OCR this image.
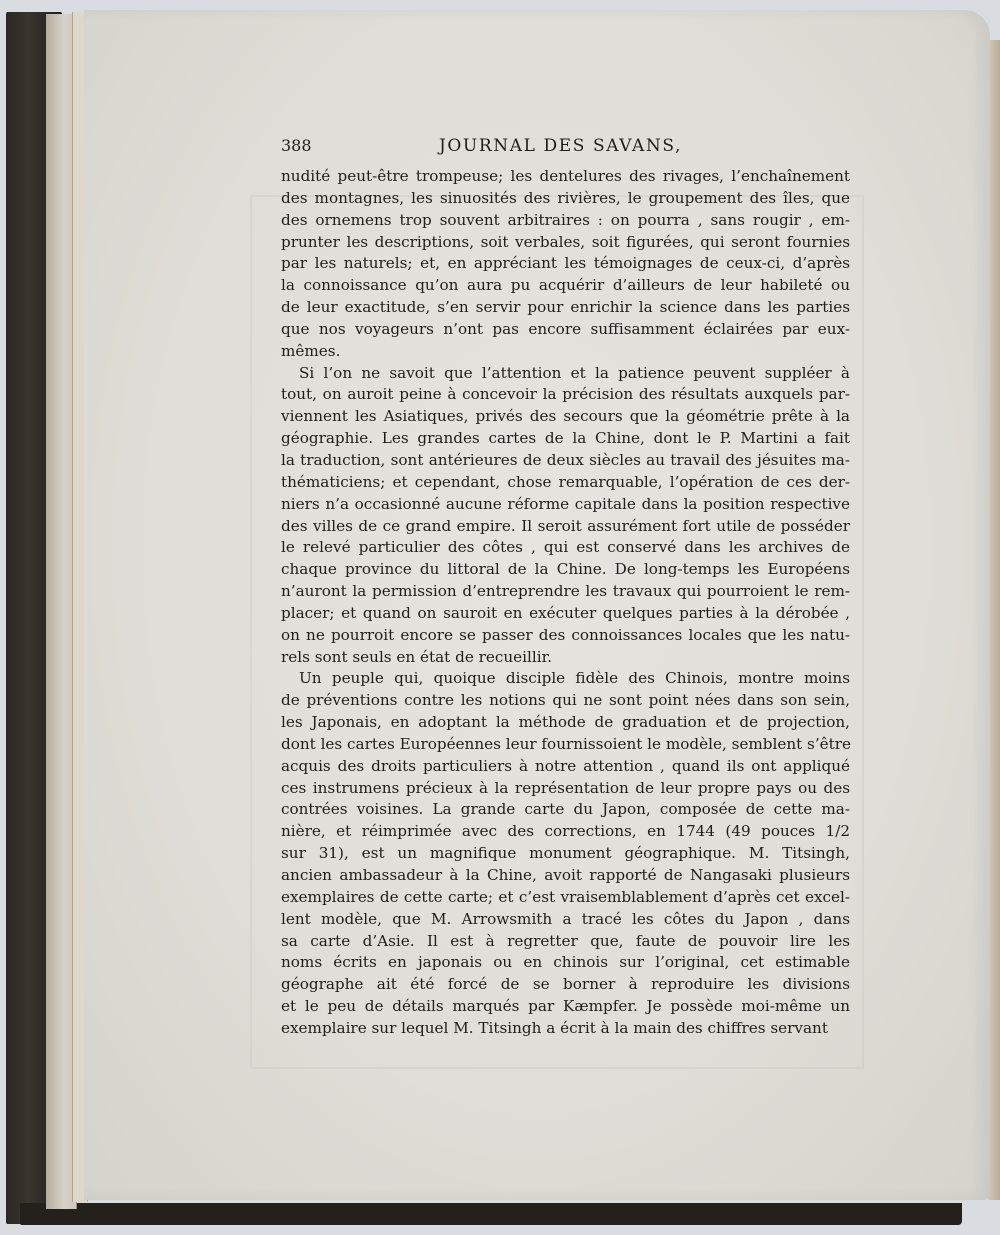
388	JOURNAL DES SAVANS,
nudité peut-être trompeuse; les dentelures des rivages, l’enchaînement
des montagnes, les sinuosités des rivières, le groupement des îles, que
des ornemens trop souvent arbitraires : on pourra , sans rougir , em-
prunter les descriptions, soit verbales, soit figurées, qui seront fournies
par les naturels; et, en appréciant les témoignages de ceux-ci, d’après
la connoissance qu’on aura pu acquérir d’ailleurs de leur habileté ou
de leur exactitude, s’en servir pour enrichir la science dans les parties
que nos voyageurs n’ont pas encore suffisamment éclairées par eux-
mêmes.
Si l’on ne savoit que l’attention et la patience peuvent suppléer à
tout, on auroit peine à concevoir la précision des résultats auxquels par-
viennent les Asiatiques, privés des secours que la géométrie prête à la
géographie. Les grandes cartes de la Chine, dont le P. Martini a fait
la traduction, sont antérieures de deux siècles au travail des jésuites ma-
thématiciens; et cependant, chose remarquable, l’opération de ces der-
niers n’a occasionné aucune réforme capitale dans la position respective
des villes de ce grand empire. Il seroit assurément fort utile de posséder
le relevé particulier des côtes , qui est conservé dans les archives de
chaque province du littoral de la Chine. De long-temps les Européens
n’auront la permission d’entreprendre les travaux qui pourroient le rem-
placer; et quand on sauroit en exécuter quelques parties à la dérobée ,
on ne pourroit encore se passer des connoissances locales que les natu-
rels sont seuls en état de recueillir.
Un peuple qui, quoique disciple fidèle des Chinois, montre moins
de préventions contre les notions qui ne sont point nées dans son sein,
les Japonais, en adoptant la méthode de graduation et de projection,
dont les cartes Européennes leur fournissoient le modèle, semblent s’être
acquis des droits particuliers à notre attention , quand ils ont appliqué
ces instrumens précieux à la représentation de leur propre pays ou des
contrées voisines. La grande carte du Japon, composée de cette ma-
nière, et réimprimée avec des corrections, en 1744 (49 pouces 1/2
sur 31), est un magnifique monument géographique. M. Titsingh,
ancien ambassadeur à la Chine, avoit rapporté de Nangasaki plusieurs
exemplaires de cette carte; et c’est vraisemblablement d’après cet excel-
lent modèle, que M. Arrowsmith a tracé les côtes du Japon , dans
sa carte d’Asie. Il est à regretter que, faute de pouvoir lire les
noms écrits en japonais ou en chinois sur l’original, cet estimable
géographe ait été forcé de se borner à reproduire les divisions
et le peu de détails marqués par Kæmpfer. Je possède moi-même un
exemplaire sur lequel M. Titsingh a écrit à la main des chiffres servant
